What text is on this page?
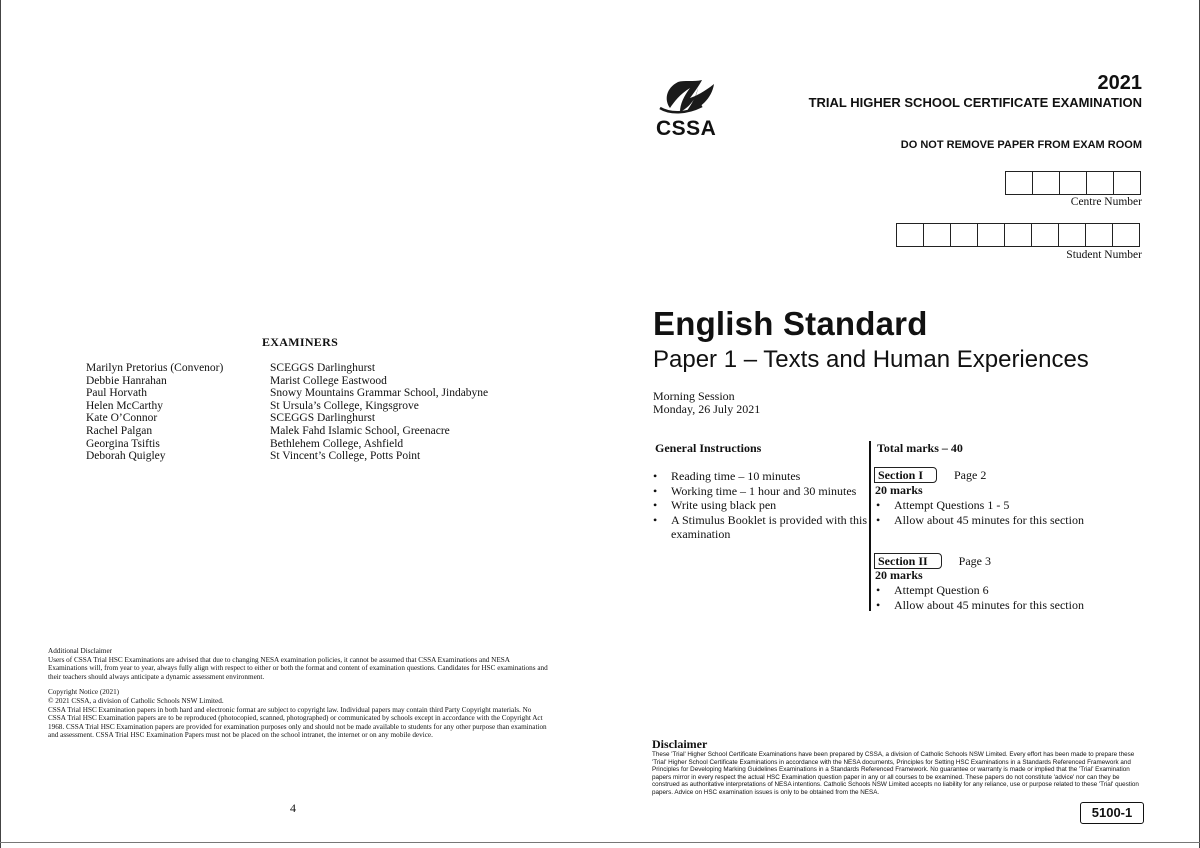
EXAMINERS
Marilyn Pretorius (Convenor)
Debbie Hanrahan
Paul Horvath
Helen McCarthy
Kate O’Connor
Rachel Palgan
Georgina Tsiftis
Deborah Quigley
SCEGGS Darlinghurst
Marist College Eastwood
Snowy Mountains Grammar School, Jindabyne
St Ursula’s College, Kingsgrove
SCEGGS Darlinghurst
Malek Fahd Islamic School, Greenacre
Bethlehem College, Ashfield
St Vincent’s College, Potts Point

Additional Disclaimer
Users of CSSA Trial HSC Examinations are advised that due to changing NESA examination policies, it cannot be assumed that CSSA Examinations and NESA Examinations will, from year to year, always fully align with respect to either or both the format and content of examination questions. Candidates for HSC examinations and their teachers should always anticipate a dynamic assessment environment.

Copyright Notice (2021)
© 2021 CSSA, a division of Catholic Schools NSW Limited.
CSSA Trial HSC Examination papers in both hard and electronic format are subject to copyright law. Individual papers may contain third Party Copyright materials. No CSSA Trial HSC Examination papers are to be reproduced (photocopied, scanned, photographed) or communicated by schools except in accordance with the Copyright Act 1968. CSSA Trial HSC Examination papers are provided for examination purposes only and should not be made available to students for any other purpose than examination and assessment. CSSA Trial HSC Examination Papers must not be placed on the school intranet, the internet or on any mobile device.

4
CSSA
2021
TRIAL HIGHER SCHOOL CERTIFICATE EXAMINATION
DO NOT REMOVE PAPER FROM EXAM ROOM
Centre Number
Student Number
English Standard
Paper 1 – Texts and Human Experiences
Morning Session
Monday, 26 July 2021
General Instructions
• Reading time – 10 minutes
• Working time – 1 hour and 30 minutes
• Write using black pen
• A Stimulus Booklet is provided with this examination
Total marks – 40
Section I	Page 2
20 marks
• Attempt Questions 1 - 5
• Allow about 45 minutes for this section
Section II	Page 3
20 marks
• Attempt Question 6
• Allow about 45 minutes for this section
Disclaimer
These 'Trial' Higher School Certificate Examinations have been prepared by CSSA, a division of Catholic Schools NSW Limited. Every effort has been made to prepare these 'Trial' Higher School Certificate Examinations in accordance with the NESA documents, Principles for Setting HSC Examinations in a Standards Referenced Framework and Principles for Developing Marking Guidelines Examinations in a Standards Referenced Framework. No guarantee or warranty is made or implied that the 'Trial' Examination papers mirror in every respect the actual HSC Examination question paper in any or all courses to be examined. These papers do not constitute 'advice' nor can they be construed as authoritative interpretations of NESA intentions. Catholic Schools NSW Limited accepts no liability for any reliance, use or purpose related to these 'Trial' question papers. Advice on HSC examination issues is only to be obtained from the NESA.
5100-1
